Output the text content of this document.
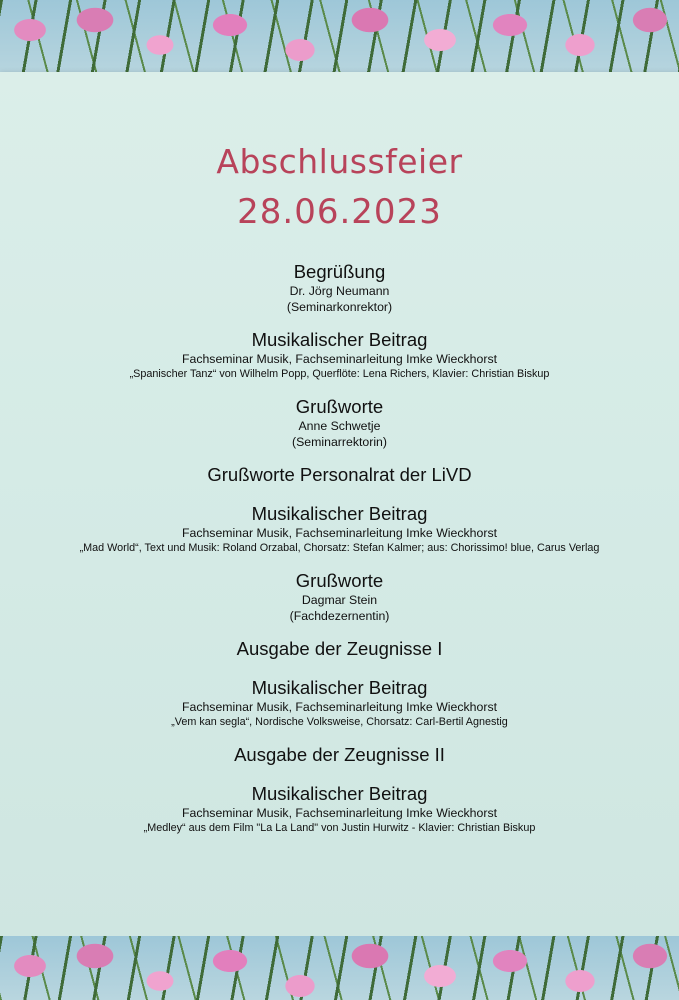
Abschlussfeier
28.06.2023
Begrüßung
Dr. Jörg Neumann
(Seminarkonrektor)
Musikalischer Beitrag
Fachseminar Musik, Fachseminarleitung Imke Wieckhorst
„Spanischer Tanz“ von Wilhelm Popp, Querflöte: Lena Richers, Klavier: Christian Biskup
Grußworte
Anne Schwetje
(Seminarrektorin)
Grußworte Personalrat der LiVD
Musikalischer Beitrag
Fachseminar Musik, Fachseminarleitung Imke Wieckhorst
„Mad World“, Text und Musik: Roland Orzabal, Chorsatz: Stefan Kalmer; aus: Chorissimo! blue, Carus Verlag
Grußworte
Dagmar Stein
(Fachdezernentin)
Ausgabe der Zeugnisse I
Musikalischer Beitrag
Fachseminar Musik, Fachseminarleitung Imke Wieckhorst
„Vem kan segla“, Nordische Volksweise, Chorsatz: Carl-Bertil Agnestig
Ausgabe der Zeugnisse II
Musikalischer Beitrag
Fachseminar Musik, Fachseminarleitung Imke Wieckhorst
„Medley“ aus dem Film "La La Land" von Justin Hurwitz - Klavier: Christian Biskup
